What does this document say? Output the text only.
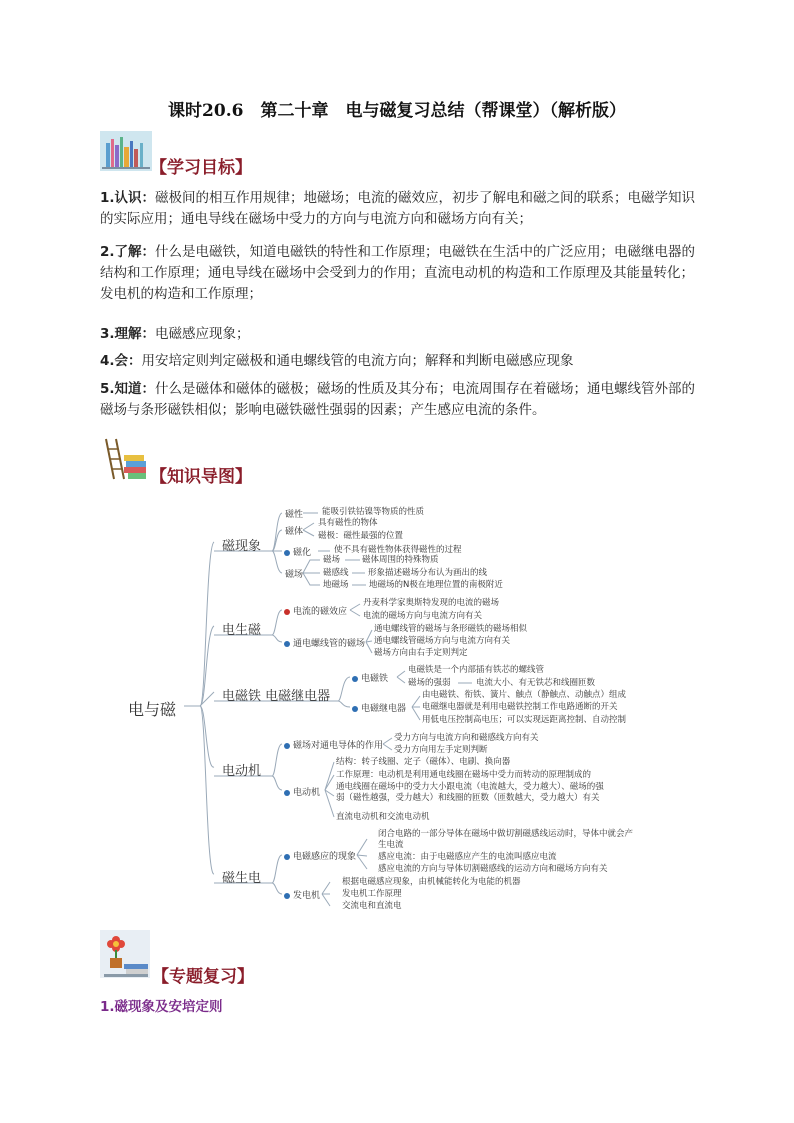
课时20.6　第二十章　电与磁复习总结（帮课堂）（解析版）
【学习目标】
1.认识：磁极间的相互作用规律；地磁场；电流的磁效应，初步了解电和磁之间的联系；电磁学知识的实际应用；通电导线在磁场中受力的方向与电流方向和磁场方向有关；
2.了解：什么是电磁铁，知道电磁铁的特性和工作原理；电磁铁在生活中的广泛应用；电磁继电器的结构和工作原理；通电导线在磁场中会受到力的作用；直流电动机的构造和工作原理及其能量转化；发电机的构造和工作原理；
3.理解：电磁感应现象；
4.会：用安培定则判定磁极和通电螺线管的电流方向；解释和判断电磁感应现象
5.知道：什么是磁体和磁体的磁极；磁场的性质及其分布；电流周围存在着磁场；通电螺线管外部的磁场与条形磁铁相似；影响电磁铁磁性强弱的因素；产生感应电流的条件。
【知识导图】
电与磁
磁现象
电生磁
电磁铁 电磁继电器
电动机
磁生电
磁性 能吸引铁钴镍等物质的性质
磁体
具有磁性的物体
磁极：磁性最强的位置
磁化	使不具有磁性物体获得磁性的过程
磁场
磁场	磁体周围的特殊物质
磁感线 形象描述磁场分布认为画出的线
地磁场 地磁场的N极在地理位置的南极附近
电流的磁效应
丹麦科学家奥斯特发现的电流的磁场
电流的磁场方向与电流方向有关
通电螺线管的磁场
通电螺线管的磁场与条形磁铁的磁场相似
通电螺线管磁场方向与电流方向有关
磁场方向由右手定则判定
电磁铁
电磁铁是一个内部插有铁芯的螺线管
磁场的强弱	电流大小、有无铁芯和线圈匝数
电磁继电器
由电磁铁、衔铁、簧片、触点（静触点、动触点）组成
电磁继电器就是利用电磁铁控制工作电路通断的开关
用低电压控制高电压；可以实现远距离控制、自动控制
磁场对通电导体的作用
受力方向与电流方向和磁感线方向有关
受力方向用左手定则判断
电动机
结构：转子线圈、定子（磁体）、电刷、换向器
工作原理：电动机是利用通电线圈在磁场中受力而转动的原理制成的
通电线圈在磁场中的受力大小跟电流（电流越大，受力越大）、磁场的强弱（磁性越强，受力越大）和线圈的匝数（匝数越大，受力越大）有关
直流电动机和交流电动机
电磁感应的现象
闭合电路的一部分导体在磁场中做切割磁感线运动时，导体中就会产生电流
感应电流：由于电磁感应产生的电流叫感应电流
感应电流的方向与导体切割磁感线的运动方向和磁场方向有关
发电机
根据电磁感应现象，由机械能转化为电能的机器
发电机工作原理
交流电和直流电
【专题复习】
1.磁现象及安培定则
